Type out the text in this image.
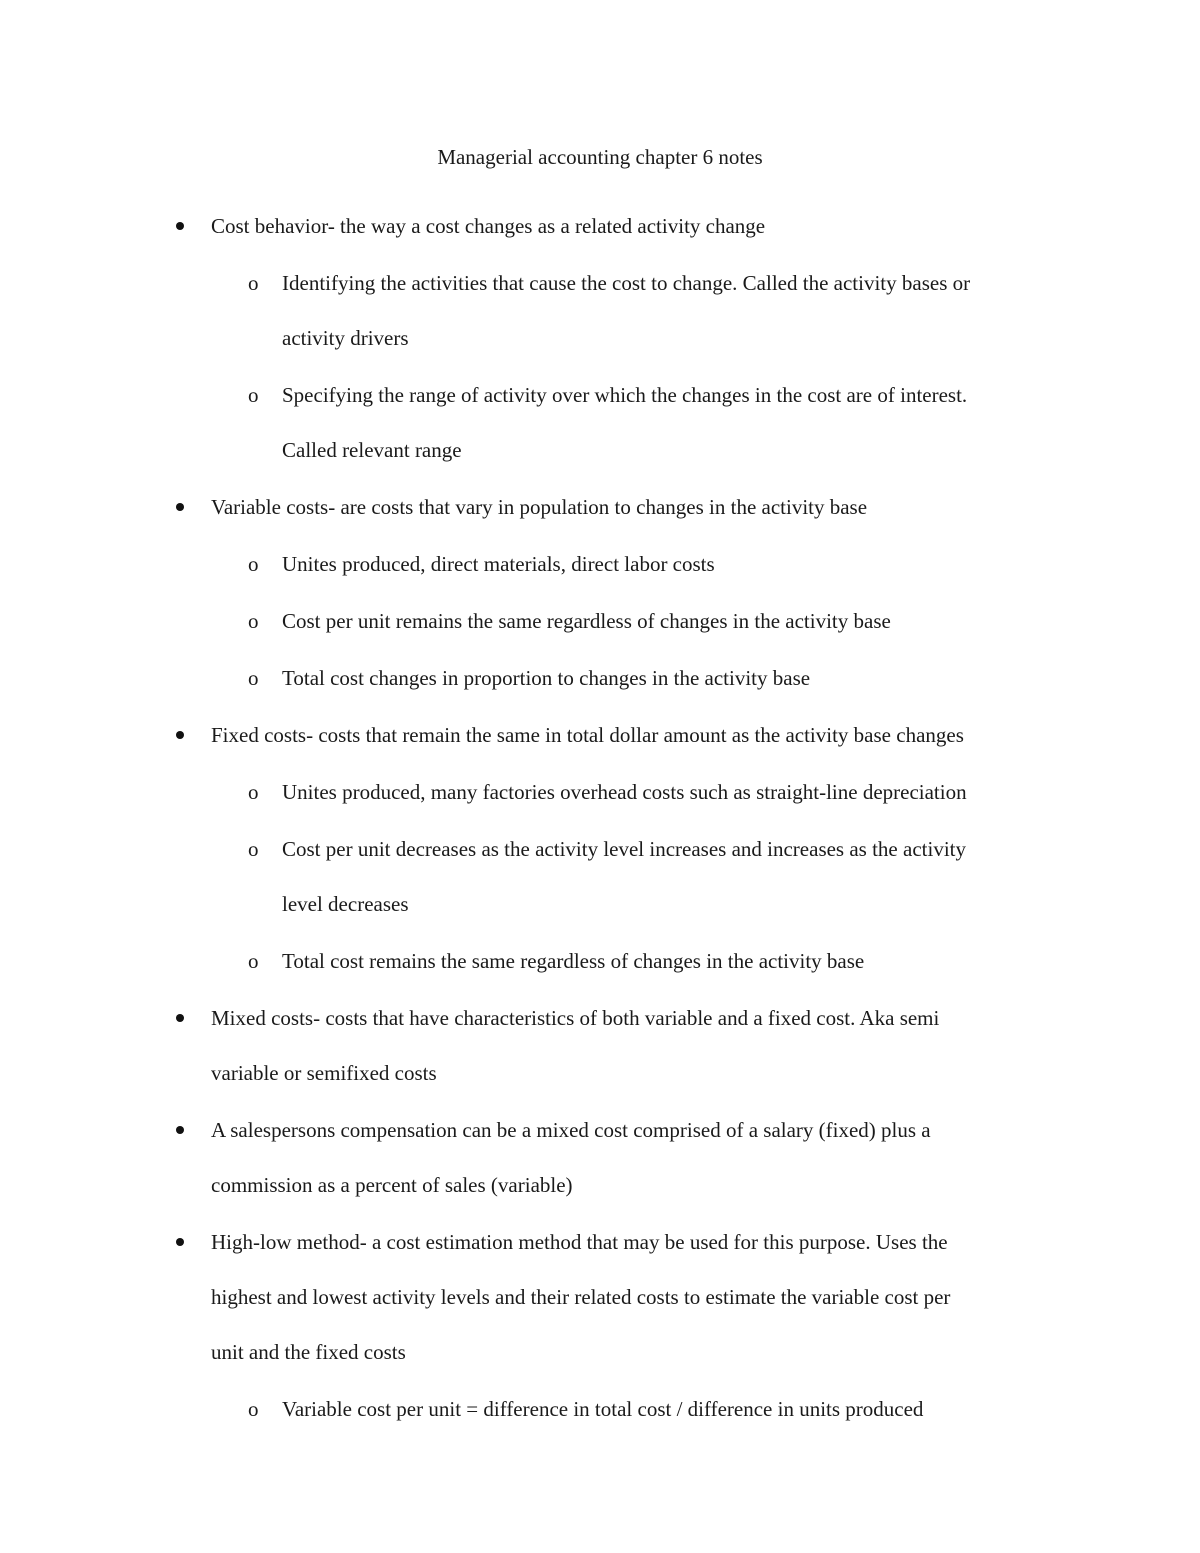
Managerial accounting chapter 6 notes
Cost behavior- the way a cost changes as a related activity change
o Identifying the activities that cause the cost to change. Called the activity bases or
activity drivers
o Specifying the range of activity over which the changes in the cost are of interest.
Called relevant range
Variable costs- are costs that vary in population to changes in the activity base
o Unites produced, direct materials, direct labor costs
o Cost per unit remains the same regardless of changes in the activity base
o Total cost changes in proportion to changes in the activity base
Fixed costs- costs that remain the same in total dollar amount as the activity base changes
o Unites produced, many factories overhead costs such as straight-line depreciation
o Cost per unit decreases as the activity level increases and increases as the activity
level decreases
o Total cost remains the same regardless of changes in the activity base
Mixed costs- costs that have characteristics of both variable and a fixed cost. Aka semi
variable or semifixed costs
A salespersons compensation can be a mixed cost comprised of a salary (fixed) plus a
commission as a percent of sales (variable)
High-low method- a cost estimation method that may be used for this purpose. Uses the
highest and lowest activity levels and their related costs to estimate the variable cost per
unit and the fixed costs
o Variable cost per unit = difference in total cost / difference in units produced
